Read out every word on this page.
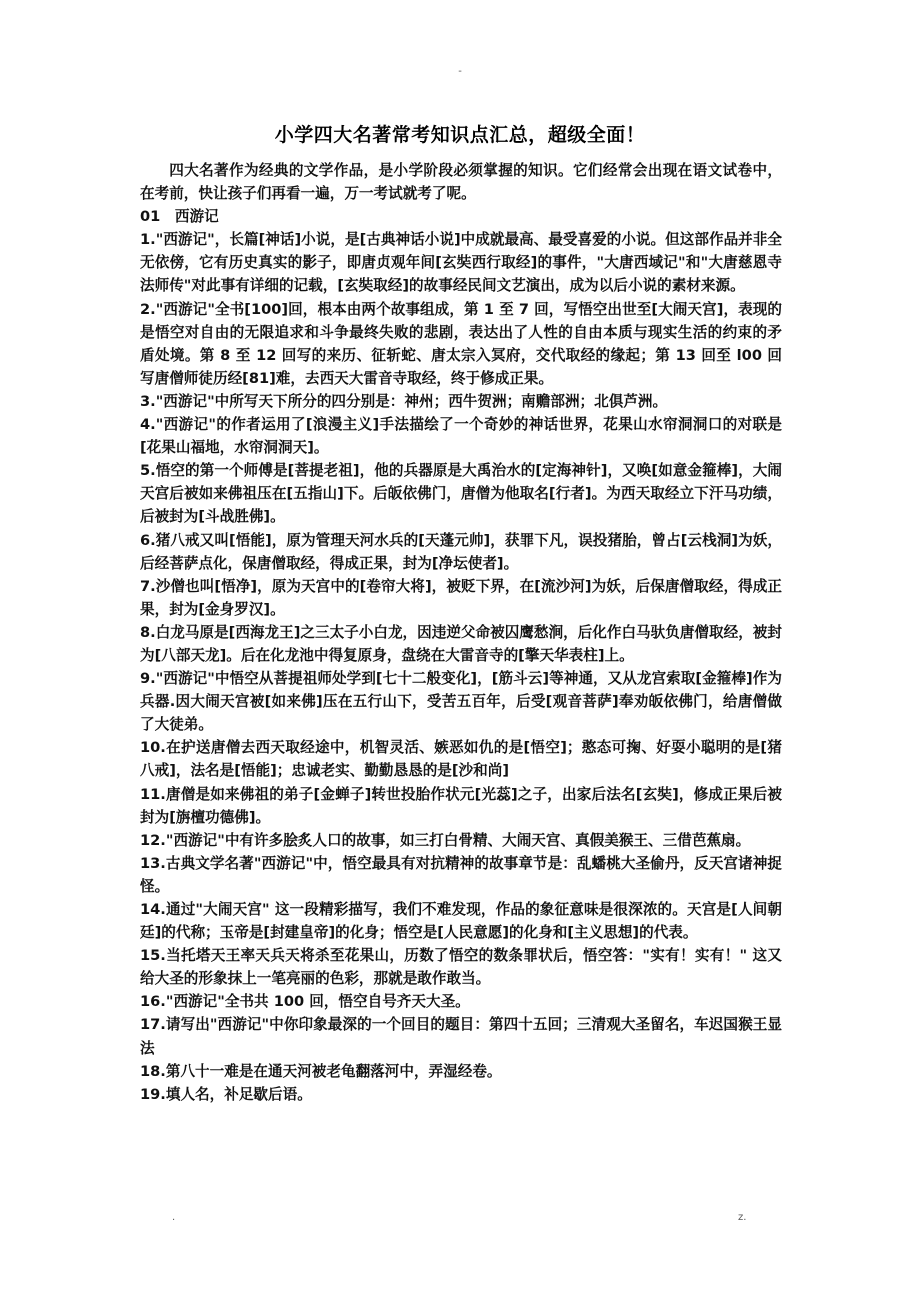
-
小学四大名著常考知识点汇总，超级全面！

四大名著作为经典的文学作品，是小学阶段必须掌握的知识。它们经常会出现在语文试卷中，在考前，快让孩子们再看一遍，万一考试就考了呢。

01　西游记

1."西游记"，长篇[神话]小说，是[古典神话小说]中成就最高、最受喜爱的小说。但这部作品并非全无依傍，它有历史真实的影子，即唐贞观年间[玄奘西行取经]的事件，"大唐西域记"和"大唐慈恩寺法师传"对此事有详细的记载，[玄奘取经]的故事经民间文艺演出，成为以后小说的素材来源。

2."西游记"全书[100]回，根本由两个故事组成，第 1 至 7 回，写悟空出世至[大闹天宫]，表现的是悟空对自由的无限追求和斗争最终失败的悲剧，表达出了人性的自由本质与现实生活的约束的矛盾处境。第 8 至 12 回写的来历、征斩蛇、唐太宗入冥府，交代取经的缘起；第 13 回至 l00 回写唐僧师徒历经[81]难，去西天大雷音寺取经，终于修成正果。

3."西游记"中所写天下所分的四分别是：神州；西牛贺洲；南赡部洲；北俱芦洲。

4."西游记"的作者运用了[浪漫主义]手法描绘了一个奇妙的神话世界，花果山水帘洞洞口的对联是[花果山福地，水帘洞洞天]。

5.悟空的第一个师傅是[菩提老祖]，他的兵器原是大禹治水的[定海神针]，又唤[如意金箍棒]，大闹天宫后被如来佛祖压在[五指山]下。后皈依佛门，唐僧为他取名[行者]。为西天取经立下汗马功绩，后被封为[斗战胜佛]。

6.猪八戒又叫[悟能]，原为管理天河水兵的[天蓬元帅]，获罪下凡，误投猪胎，曾占[云栈洞]为妖，后经菩萨点化，保唐僧取经，得成正果，封为[净坛使者]。

7.沙僧也叫[悟净]，原为天宫中的[卷帘大将]，被贬下界，在[流沙河]为妖，后保唐僧取经，得成正果，封为[金身罗汉]。

8.白龙马原是[西海龙王]之三太子小白龙，因违逆父命被囚鹰愁涧，后化作白马驮负唐僧取经，被封为[八部天龙]。后在化龙池中得复原身，盘绕在大雷音寺的[擎天华表柱]上。

9."西游记"中悟空从菩提祖师处学到[七十二般变化]，[筋斗云]等神通，又从龙宫索取[金箍棒]作为兵器.因大闹天宫被[如来佛]压在五行山下，受苦五百年，后受[观音菩萨]奉劝皈依佛门，给唐僧做了大徒弟。

10.在护送唐僧去西天取经途中，机智灵活、嫉恶如仇的是[悟空]；憨态可掬、好耍小聪明的是[猪八戒]，法名是[悟能]；忠诚老实、勤勤恳恳的是[沙和尚]

11.唐僧是如来佛祖的弟子[金蝉子]转世投胎作状元[光蕊]之子，出家后法名[玄奘]，修成正果后被封为[旃檀功德佛]。

12."西游记"中有许多脍炙人口的故事，如三打白骨精、大闹天宫、真假美猴王、三借芭蕉扇。

13.古典文学名著"西游记"中，悟空最具有对抗精神的故事章节是：乱蟠桃大圣偷丹，反天宫诸神捉怪。

14.通过"大闹天宫" 这一段精彩描写，我们不难发现，作品的象征意味是很深浓的。天宫是[人间朝廷]的代称；玉帝是[封建皇帝]的化身；悟空是[人民意愿]的化身和[主义思想]的代表。

15.当托塔天王率天兵天将杀至花果山，历数了悟空的数条罪状后，悟空答："实有！实有！" 这又给大圣的形象抹上一笔亮丽的色彩，那就是敢作敢当。

16."西游记"全书共 100 回，悟空自号齐天大圣。

17.请写出"西游记"中你印象最深的一个回目的题目：第四十五回；三清观大圣留名，车迟国猴王显法

18.第八十一难是在通天河被老龟翻落河中，弄湿经卷。

19.填人名，补足歇后语。

.	z.
